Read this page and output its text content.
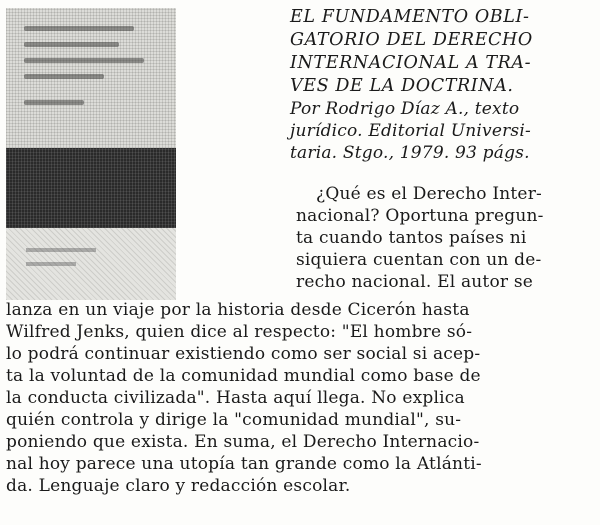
EL FUNDAMENTO OBLI-
GATORIO DEL DERECHO
INTERNACIONAL A TRA-
VES DE LA DOCTRINA.
Por Rodrigo Díaz A., texto
jurídico. Editorial Universi-
taria. Stgo., 1979. 93 págs.
¿Qué es el Derecho Inter-
nacional? Oportuna pregun-
ta cuando tantos países ni
siquiera cuentan con un de-
recho nacional. El autor se
lanza en un viaje por la historia desde Cicerón hasta
Wilfred Jenks, quien dice al respecto: "El hombre só-
lo podrá continuar existiendo como ser social si acep-
ta la voluntad de la comunidad mundial como base de
la conducta civilizada". Hasta aquí llega. No explica
quién controla y dirige la "comunidad mundial", su-
poniendo que exista. En suma, el Derecho Internacio-
nal hoy parece una utopía tan grande como la Atlánti-
da. Lenguaje claro y redacción escolar.
